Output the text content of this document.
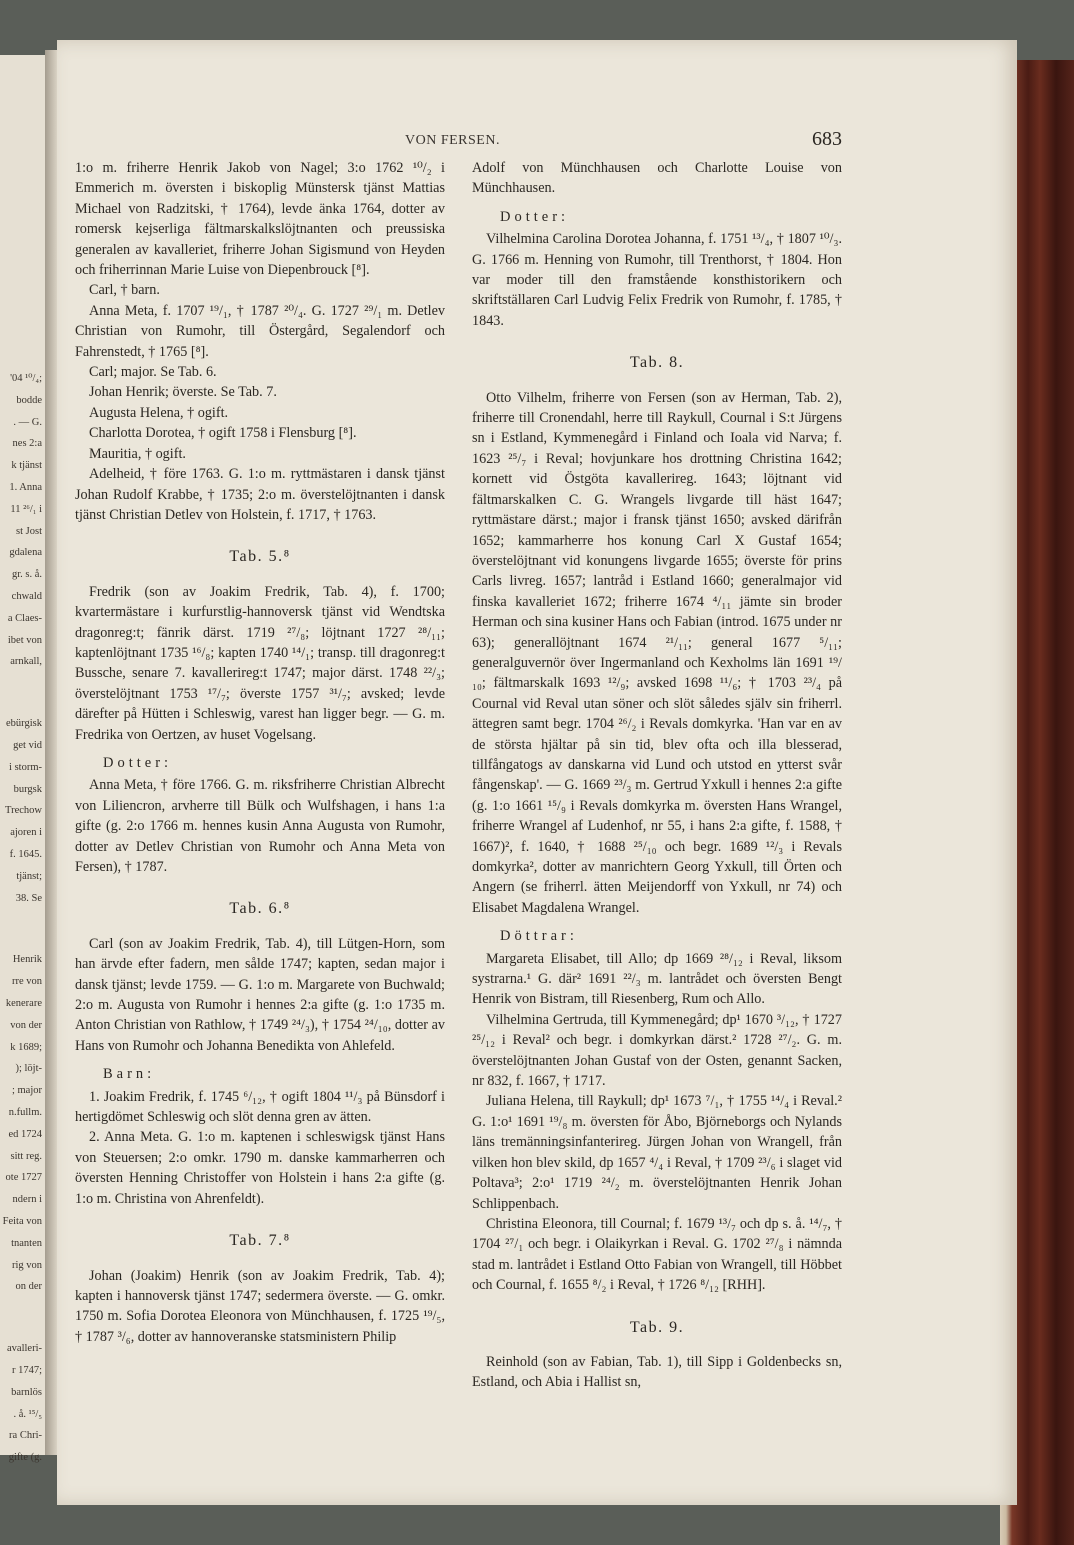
'04 ¹⁰/₄;
bodde
. — G.
nes 2:a
k tjänst
1. Anna
11 ²⁶/₁ i
st Jost
gdalena
gr. s. å.
chwald
a Claes-
ibet von
arnkall,
ebürgisk
get vid
i storm-
burgsk
Trechow
ajoren i
f. 1645.
tjänst;
38. Se
Henrik
rre von
kenerare
von der
k 1689;
); löjt-
; major
n.fullm.
ed 1724
sitt reg.
ote 1727
ndern i
Feita von
tnanten
rig von
on der
avalleri-
r 1747;
barnlös
. å. ¹⁵/₅
ra Chri-
gifte (g.
VON FERSEN.	683

1:o m. friherre Henrik Jakob von Nagel; 3:o 1762 ¹⁰/₂ i Emmerich m. översten i biskoplig Münstersk tjänst Mattias Michael von Radzitski, † 1764), levde änka 1764, dotter av romersk kejserliga fältmarskalkslöjtnanten och preussiska generalen av kavalleriet, friherre Johan Sigismund von Heyden och friherrinnan Marie Luise von Diepenbrouck [⁸].

Carl, † barn.

Anna Meta, f. 1707 ¹⁹/₁, † 1787 ²⁰/₄. G. 1727 ²⁹/₁ m. Detlev Christian von Rumohr, till Östergård, Segalendorf och Fahrenstedt, † 1765 [⁸].

Carl; major. Se Tab. 6.

Johan Henrik; överste. Se Tab. 7.

Augusta Helena, † ogift.

Charlotta Dorotea, † ogift 1758 i Flensburg [⁸].

Mauritia, † ogift.

Adelheid, † före 1763. G. 1:o m. ryttmästaren i dansk tjänst Johan Rudolf Krabbe, † 1735; 2:o m. överstelöjtnanten i dansk tjänst Christian Detlev von Holstein, f. 1717, † 1763.

Tab. 5.⁸

Fredrik (son av Joakim Fredrik, Tab. 4), f. 1700; kvartermästare i kurfurstlig-hannoversk tjänst vid Wendtska dragonreg:t; fänrik därst. 1719 ²⁷/₈; löjtnant 1727 ²⁸/₁₁; kaptenlöjtnant 1735 ¹⁶/₈; kapten 1740 ¹⁴/₁; transp. till dragonreg:t Bussche, senare 7. kavallerireg:t 1747; major därst. 1748 ²²/₃; överstelöjtnant 1753 ¹⁷/₇; överste 1757 ³¹/₇; avsked; levde därefter på Hütten i Schleswig, varest han ligger begr. — G. m. Fredrika von Oertzen, av huset Vogelsang.

Dotter:

Anna Meta, † före 1766. G. m. riksfriherre Christian Albrecht von Liliencron, arvherre till Bülk och Wulfshagen, i hans 1:a gifte (g. 2:o 1766 m. hennes kusin Anna Augusta von Rumohr, dotter av Detlev Christian von Rumohr och Anna Meta von Fersen), † 1787.

Tab. 6.⁸

Carl (son av Joakim Fredrik, Tab. 4), till Lütgen-Horn, som han ärvde efter fadern, men sålde 1747; kapten, sedan major i dansk tjänst; levde 1759. — G. 1:o m. Margarete von Buchwald; 2:o m. Augusta von Rumohr i hennes 2:a gifte (g. 1:o 1735 m. Anton Christian von Rathlow, † 1749 ²⁴/₃), † 1754 ²⁴/₁₀, dotter av Hans von Rumohr och Johanna Benedikta von Ahlefeld.

Barn:

1. Joakim Fredrik, f. 1745 ⁶/₁₂, † ogift 1804 ¹¹/₃ på Bünsdorf i hertigdömet Schleswig och slöt denna gren av ätten.

2. Anna Meta. G. 1:o m. kaptenen i schleswigsk tjänst Hans von Steuersen; 2:o omkr. 1790 m. danske kammarherren och översten Henning Christoffer von Holstein i hans 2:a gifte (g. 1:o m. Christina von Ahrenfeldt).

Tab. 7.⁸

Johan (Joakim) Henrik (son av Joakim Fredrik, Tab. 4); kapten i hannoversk tjänst 1747; sedermera överste. — G. omkr. 1750 m. Sofia Dorotea Eleonora von Münchhausen, f. 1725 ¹⁹/₅, † 1787 ³/₆, dotter av hannoveranske statsministern Philip

Adolf von Münchhausen och Charlotte Louise von Münchhausen.

Dotter:

Vilhelmina Carolina Dorotea Johanna, f. 1751 ¹³/₄, † 1807 ¹⁰/₃. G. 1766 m. Henning von Rumohr, till Trenthorst, † 1804. Hon var moder till den framstående konsthistorikern och skriftställaren Carl Ludvig Felix Fredrik von Rumohr, f. 1785, † 1843.

Tab. 8.

Otto Vilhelm, friherre von Fersen (son av Herman, Tab. 2), friherre till Cronendahl, herre till Raykull, Cournal i S:t Jürgens sn i Estland, Kymmenegård i Finland och Ioala vid Narva; f. 1623 ²⁵/₇ i Reval; hovjunkare hos drottning Christina 1642; kornett vid Östgöta kavallerireg. 1643; löjtnant vid fältmarskalken C. G. Wrangels livgarde till häst 1647; ryttmästare därst.; major i fransk tjänst 1650; avsked därifrån 1652; kammarherre hos konung Carl X Gustaf 1654; överstelöjtnant vid konungens livgarde 1655; överste för prins Carls livreg. 1657; lantråd i Estland 1660; generalmajor vid finska kavalleriet 1672; friherre 1674 ⁴/₁₁ jämte sin broder Herman och sina kusiner Hans och Fabian (introd. 1675 under nr 63); generallöjtnant 1674 ²¹/₁₁; general 1677 ⁵/₁₁; generalguvernör över Ingermanland och Kexholms län 1691 ¹⁹/₁₀; fältmarskalk 1693 ¹²/₉; avsked 1698 ¹¹/₆; † 1703 ²³/₄ på Cournal vid Reval utan söner och slöt således själv sin friherrl. ättegren samt begr. 1704 ²⁶/₂ i Revals domkyrka. 'Han var en av de största hjältar på sin tid, blev ofta och illa blesserad, tillfångatogs av danskarna vid Lund och utstod en ytterst svår fångenskap'. — G. 1669 ²³/₃ m. Gertrud Yxkull i hennes 2:a gifte (g. 1:o 1661 ¹⁵/₉ i Revals domkyrka m. översten Hans Wrangel, friherre Wrangel af Ludenhof, nr 55, i hans 2:a gifte, f. 1588, † 1667)², f. 1640, † 1688 ²⁵/₁₀ och begr. 1689 ¹²/₃ i Revals domkyrka², dotter av manrichtern Georg Yxkull, till Örten och Angern (se friherrl. ätten Meijendorff von Yxkull, nr 74) och Elisabet Magdalena Wrangel.

Döttrar:

Margareta Elisabet, till Allo; dp 1669 ²⁸/₁₂ i Reval, liksom systrarna.¹ G. där² 1691 ²²/₃ m. lantrådet och översten Bengt Henrik von Bistram, till Riesenberg, Rum och Allo.

Vilhelmina Gertruda, till Kymmenegård; dp¹ 1670 ³/₁₂, † 1727 ²⁵/₁₂ i Reval² och begr. i domkyrkan därst.² 1728 ²⁷/₂. G. m. överstelöjtnanten Johan Gustaf von der Osten, genannt Sacken, nr 832, f. 1667, † 1717.

Juliana Helena, till Raykull; dp¹ 1673 ⁷/₁, † 1755 ¹⁴/₄ i Reval.² G. 1:o¹ 1691 ¹⁹/₈ m. översten för Åbo, Björneborgs och Nylands läns tremänningsinfanterireg. Jürgen Johan von Wrangell, från vilken hon blev skild, dp 1657 ⁴/₄ i Reval, † 1709 ²³/₆ i slaget vid Poltava³; 2:o¹ 1719 ²⁴/₂ m. överstelöjtnanten Henrik Johan Schlippenbach.

Christina Eleonora, till Cournal; f. 1679 ¹³/₇ och dp s. å. ¹⁴/₇, † 1704 ²⁷/₁ och begr. i Olaikyrkan i Reval. G. 1702 ²⁷/₈ i nämnda stad m. lantrådet i Estland Otto Fabian von Wrangell, till Höbbet och Cournal, f. 1655 ⁸/₂ i Reval, † 1726 ⁸/₁₂ [RHH].

Tab. 9.

Reinhold (son av Fabian, Tab. 1), till Sipp i Goldenbecks sn, Estland, och Abia i Hallist sn,
